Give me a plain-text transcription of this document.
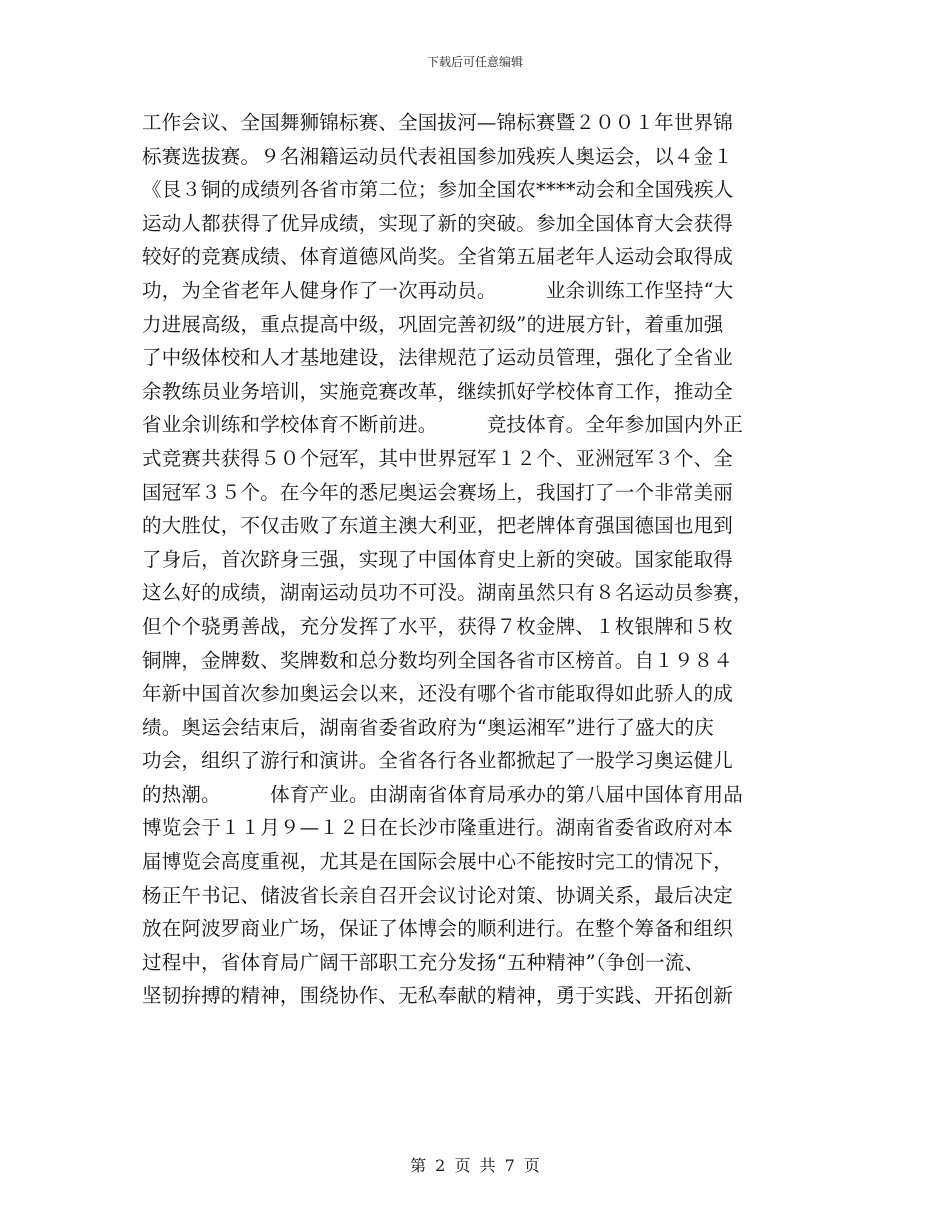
下载后可任意编辑
工作会议、全国舞狮锦标赛、全国拔河—锦标赛暨２００１年世界锦
标赛选拔赛。９名湘籍运动员代表祖国参加残疾人奥运会，以４金１
《艮３铜的成绩列各省市第二位；参加全国农****动会和全国残疾人
运动人都获得了优异成绩，实现了新的突破。参加全国体育大会获得
较好的竞赛成绩、体育道德风尚奖。全省第五届老年人运动会取得成
功，为全省老年人健身作了一次再动员。　　　业余训练工作坚持“大
力进展高级，重点提高中级，巩固完善初级”的进展方针，着重加强
了中级体校和人才基地建设，法律规范了运动员管理，强化了全省业
余教练员业务培训，实施竞赛改革，继续抓好学校体育工作，推动全
省业余训练和学校体育不断前进。　　　竞技体育。全年参加国内外正
式竞赛共获得５０个冠军，其中世界冠军１２个、亚洲冠军３个、全
国冠军３５个。在今年的悉尼奥运会赛场上，我国打了一个非常美丽
的大胜仗，不仅击败了东道主澳大利亚，把老牌体育强国德国也甩到
了身后，首次跻身三强，实现了中国体育史上新的突破。国家能取得
这么好的成绩，湖南运动员功不可没。湖南虽然只有８名运动员参赛，
但个个骁勇善战，充分发挥了水平，获得７枚金牌、１枚银牌和５枚
铜牌，金牌数、奖牌数和总分数均列全国各省市区榜首。自１９８４
年新中国首次参加奥运会以来，还没有哪个省市能取得如此骄人的成
绩。奥运会结束后，湖南省委省政府为“奥运湘军”进行了盛大的庆
功会，组织了游行和演讲。全省各行各业都掀起了一股学习奥运健儿
的热潮。　　　体育产业。由湖南省体育局承办的第八届中国体育用品
博览会于１１月９—１２日在长沙市隆重进行。湖南省委省政府对本
届博览会高度重视，尤其是在国际会展中心不能按时完工的情况下，
杨正午书记、储波省长亲自召开会议讨论对策、协调关系，最后决定
放在阿波罗商业广场，保证了体博会的顺利进行。在整个筹备和组织
过程中，省体育局广阔干部职工充分发扬“五种精神”（争创一流、
坚韧拚搏的精神，围绕协作、无私奉献的精神，勇于实践、开拓创新
第 2 页 共 7 页
